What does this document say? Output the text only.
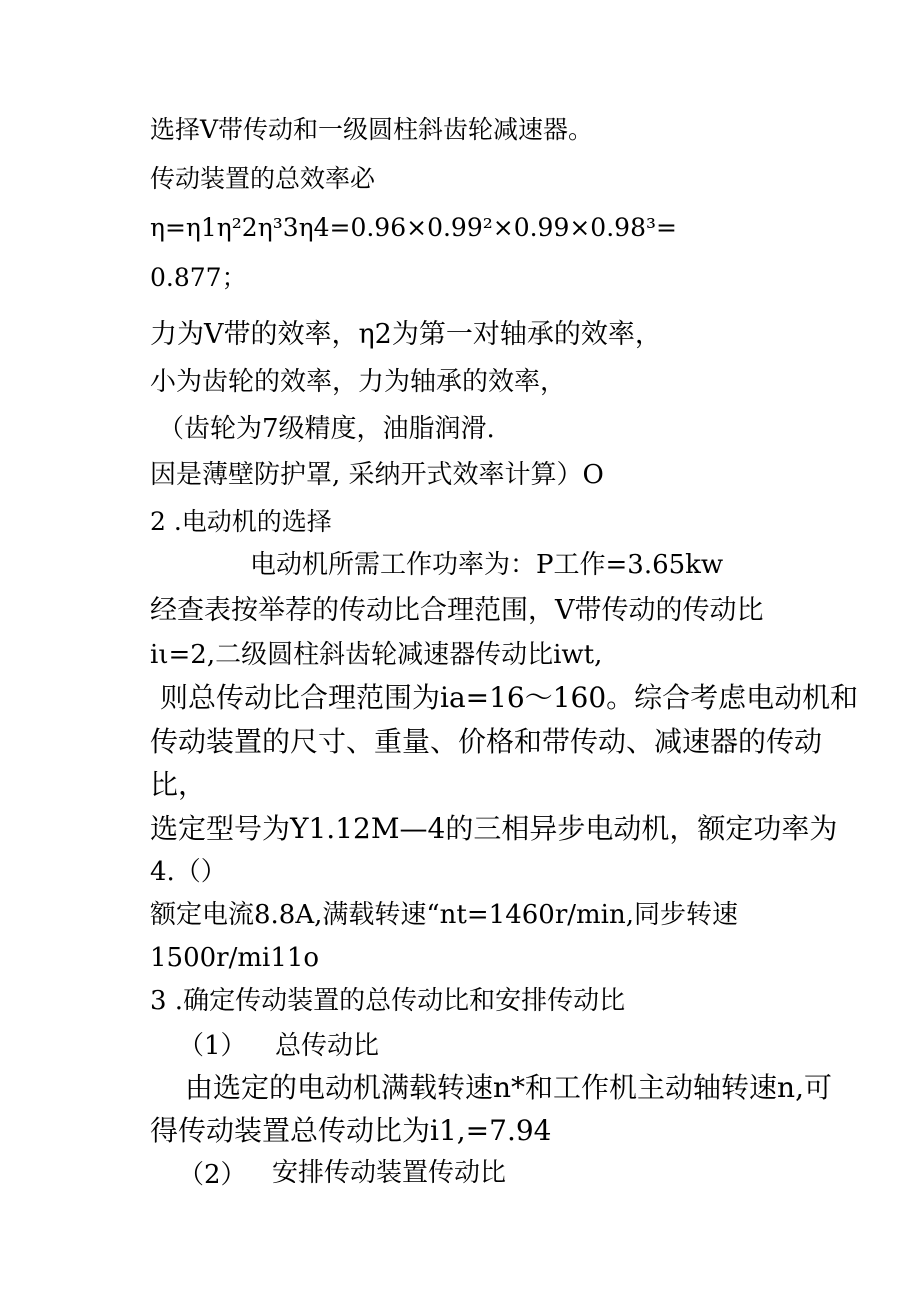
选择V带传动和一级圆柱斜齿轮减速器。
传动装置的总效率必
η=η1η²2η³3η4=0.96×0.99²×0.99×0.98³=
0.877；
力为V带的效率，η2为第一对轴承的效率，
小为齿轮的效率，力为轴承的效率，
（齿轮为7级精度，油脂润滑.
因是薄壁防护罩, 采纳开式效率计算）O
2 .电动机的选择
电动机所需工作功率为：P工作=3.65kw
经查表按举荐的传动比合理范围，V带传动的传动比
iι=2,二级圆柱斜齿轮减速器传动比iwt,
则总传动比合理范围为ia=16～160。综合考虑电动机和
传动装置的尺寸、重量、价格和带传动、减速器的传动
比，
选定型号为Y1.12M—4的三相异步电动机，额定功率为
4.（）
额定电流8.8A,满载转速“nt=1460r/min,同步转速
1500r/mi11o
3 .确定传动装置的总传动比和安排传动比
（1） 总传动比
由选定的电动机满载转速n*和工作机主动轴转速n,可
得传动装置总传动比为i1,=7.94
（2） 安排传动装置传动比
